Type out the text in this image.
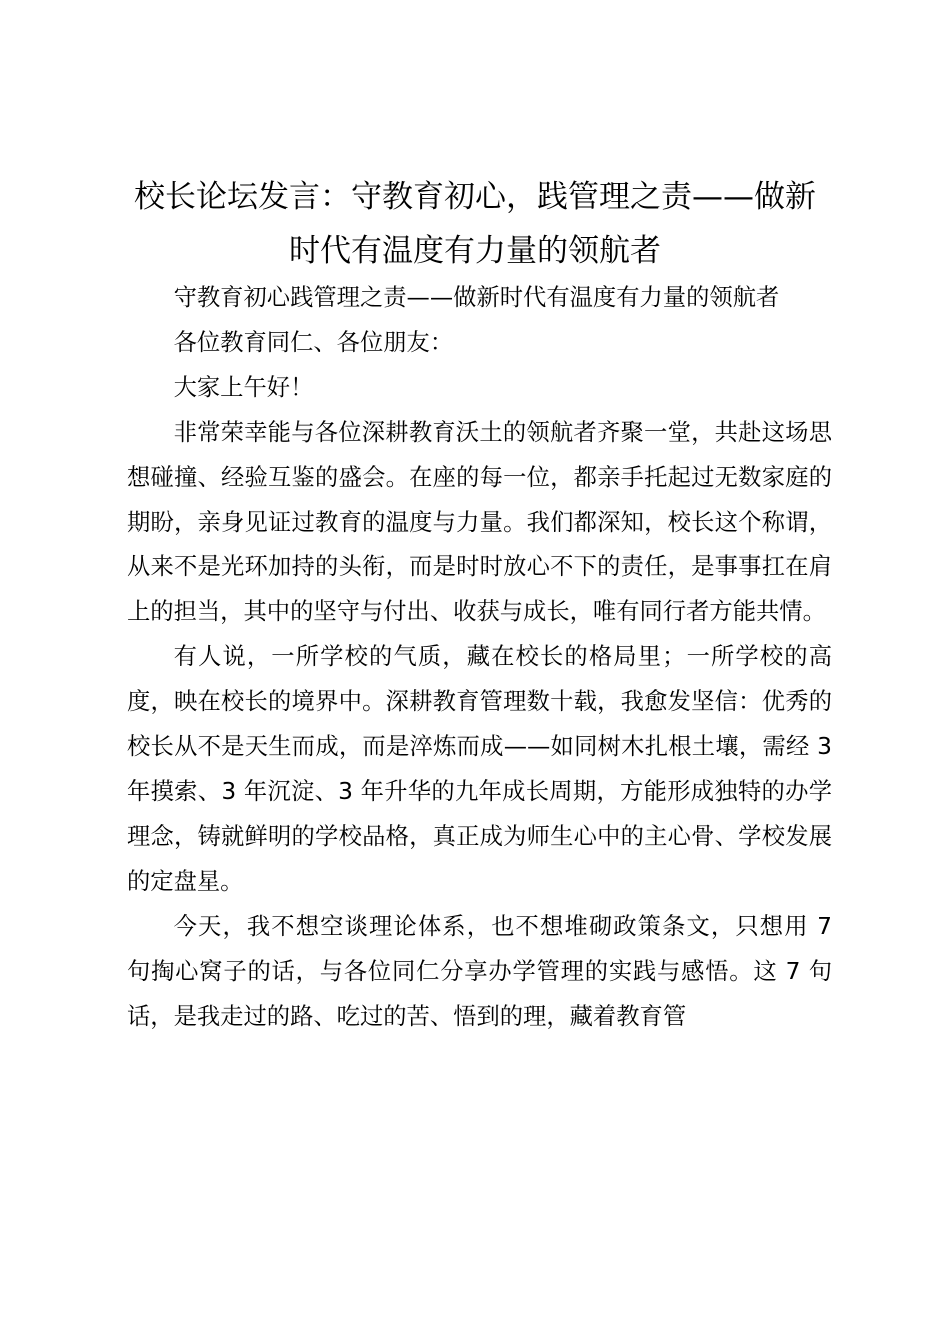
校长论坛发言：守教育初心，践管理之责——做新时代有温度有力量的领航者

守教育初心践管理之责——做新时代有温度有力量的领航者

各位教育同仁、各位朋友：

大家上午好！

非常荣幸能与各位深耕教育沃土的领航者齐聚一堂，共赴这场思想碰撞、经验互鉴的盛会。在座的每一位，都亲手托起过无数家庭的期盼，亲身见证过教育的温度与力量。我们都深知，校长这个称谓，从来不是光环加持的头衔，而是时时放心不下的责任，是事事扛在肩上的担当，其中的坚守与付出、收获与成长，唯有同行者方能共情。

有人说，一所学校的气质，藏在校长的格局里；一所学校的高度，映在校长的境界中。深耕教育管理数十载，我愈发坚信：优秀的校长从不是天生而成，而是淬炼而成——如同树木扎根土壤，需经 3 年摸索、3 年沉淀、3 年升华的九年成长周期，方能形成独特的办学理念，铸就鲜明的学校品格，真正成为师生心中的主心骨、学校发展的定盘星。

今天，我不想空谈理论体系，也不想堆砌政策条文，只想用 7 句掏心窝子的话，与各位同仁分享办学管理的实践与感悟。这 7 句话，是我走过的路、吃过的苦、悟到的理，藏着教育管
